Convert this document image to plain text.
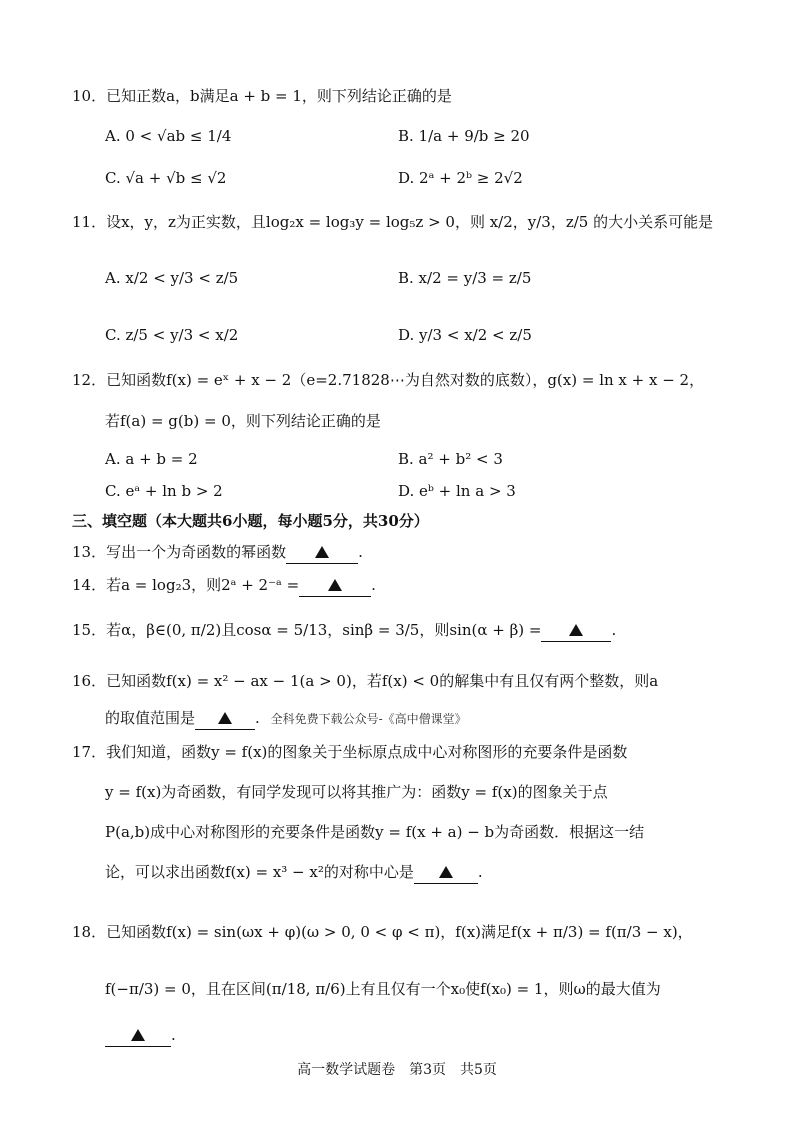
10．已知正数a，b满足a + b = 1，则下列结论正确的是
A. 0 < √ab ≤ 1/4	B. 1/a + 9/b ≥ 20
C. √a + √b ≤ √2	D. 2ᵃ + 2ᵇ ≥ 2√2
11．设x，y，z为正实数，且log₂x = log₃y = log₅z > 0，则 x/2，y/3，z/5 的大小关系可能是
A. x/2 < y/3 < z/5	B. x/2 = y/3 = z/5
C. z/5 < y/3 < x/2	D. y/3 < x/2 < z/5
12．已知函数f(x) = eˣ + x − 2（e=2.71828⋯为自然对数的底数），g(x) = ln x + x − 2，
若f(a) = g(b) = 0，则下列结论正确的是
A. a + b = 2	B. a² + b² < 3
C. eᵃ + ln b > 2	D. eᵇ + ln a > 3
三、填空题（本大题共6小题，每小题5分，共30分）
13．写出一个为奇函数的幂函数	.
14．若a = log₂3，则2ᵃ + 2⁻ᵃ =	.
15．若α，β∈(0, π/2)且cosα = 5/13，sinβ = 3/5，则sin(α + β) =	.
16．已知函数f(x) = x² − ax − 1(a > 0)，若f(x) < 0的解集中有且仅有两个整数，则a
的取值范围是	. 全科免费下载公众号-《高中僧课堂》
17．我们知道，函数y = f(x)的图象关于坐标原点成中心对称图形的充要条件是函数
y = f(x)为奇函数，有同学发现可以将其推广为：函数y = f(x)的图象关于点
P(a,b)成中心对称图形的充要条件是函数y = f(x + a) − b为奇函数．根据这一结
论，可以求出函数f(x) = x³ − x²的对称中心是	.
18．已知函数f(x) = sin(ωx + φ)(ω > 0, 0 < φ < π)，f(x)满足f(x + π/3) = f(π/3 − x)，
f(−π/3) = 0，且在区间(π/18, π/6)上有且仅有一个x₀使f(x₀) = 1，则ω的最大值为
.
高一数学试题卷　第3页　共5页
